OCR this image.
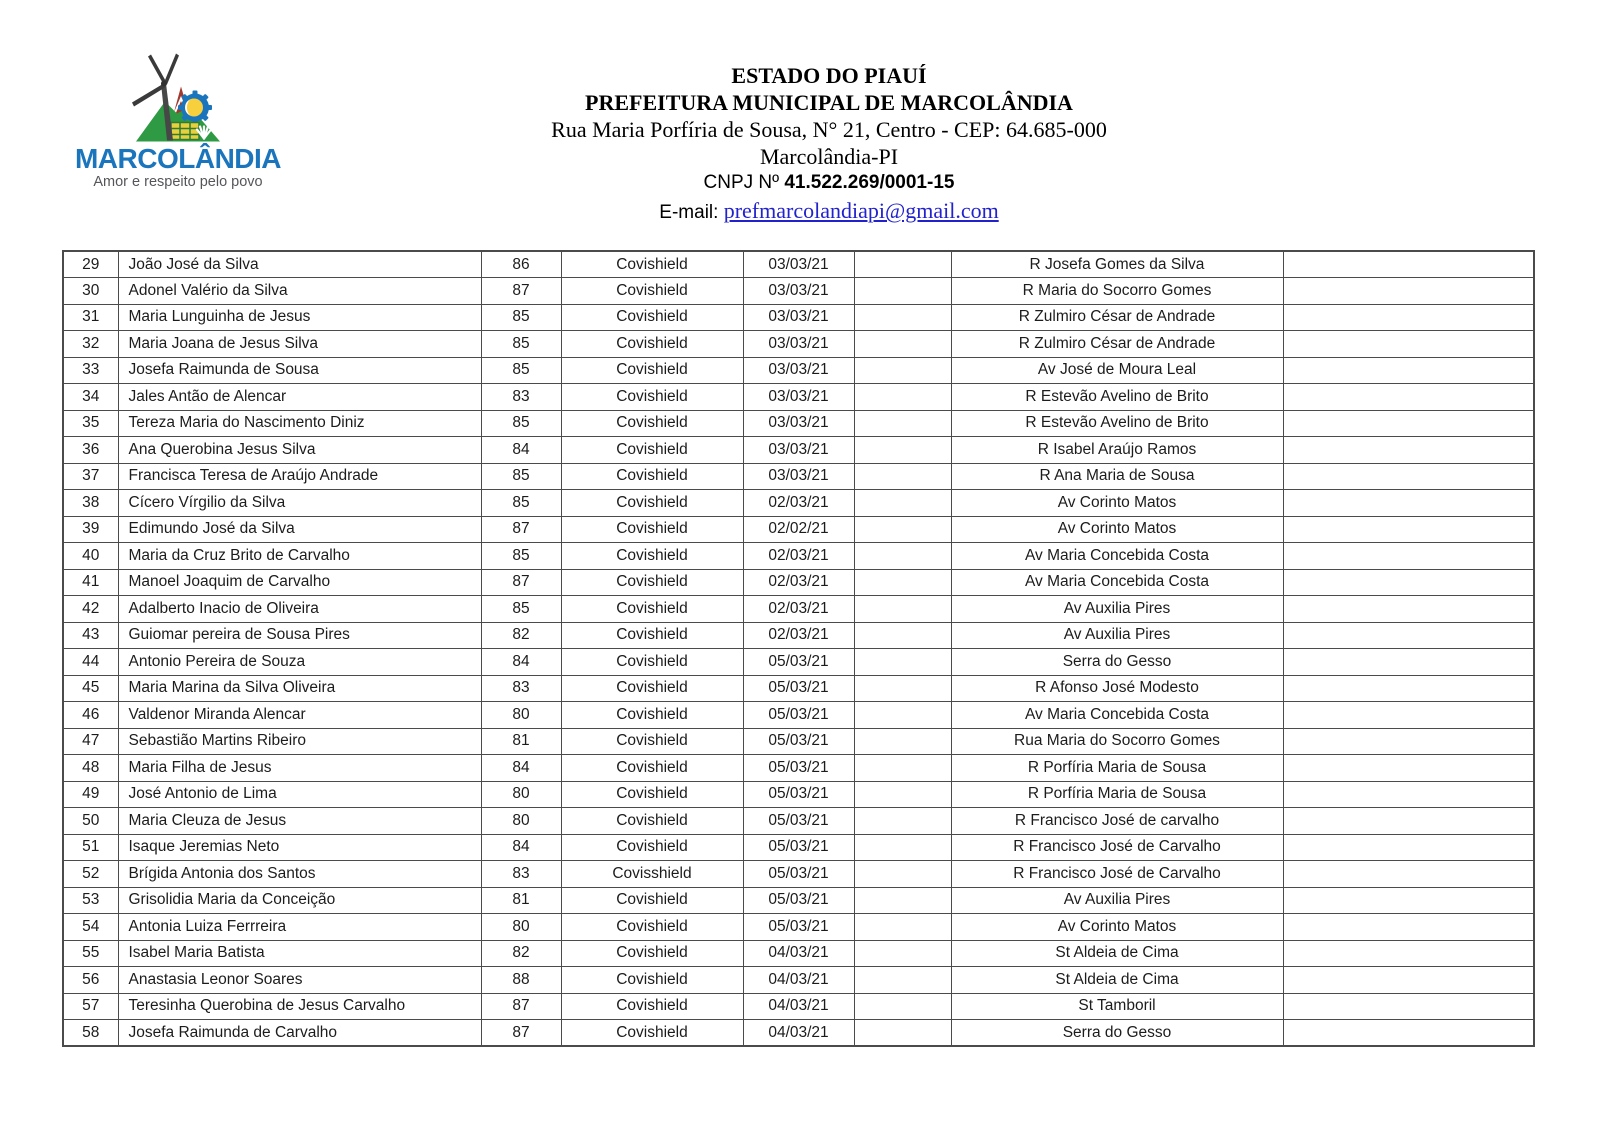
MARCOLÂNDIA
Amor e respeito pelo povo
ESTADO DO PIAUÍ
PREFEITURA MUNICIPAL DE MARCOLÂNDIA
Rua Maria Porfíria de Sousa, N° 21, Centro - CEP: 64.685-000
Marcolândia-PI
CNPJ Nº 41.522.269/0001-15
E-mail: prefmarcolandiapi@gmail.com
29	João José da Silva	86	Covishield	03/03/21		R Josefa Gomes da Silva	
30	Adonel Valério da Silva	87	Covishield	03/03/21		R Maria do Socorro Gomes	
31	Maria Lunguinha de Jesus	85	Covishield	03/03/21		R Zulmiro César de Andrade	
32	Maria Joana de Jesus Silva	85	Covishield	03/03/21		R Zulmiro César de Andrade	
33	Josefa Raimunda de Sousa	85	Covishield	03/03/21		Av José de Moura Leal	
34	Jales Antão de Alencar	83	Covishield	03/03/21		R Estevão Avelino de Brito	
35	Tereza Maria do Nascimento Diniz	85	Covishield	03/03/21		R Estevão Avelino de Brito	
36	Ana Querobina Jesus Silva	84	Covishield	03/03/21		R Isabel Araújo Ramos	
37	Francisca Teresa de Araújo Andrade	85	Covishield	03/03/21		R Ana Maria de Sousa	
38	Cícero Vírgilio da Silva	85	Covishield	02/03/21		Av Corinto Matos	
39	Edimundo José da Silva	87	Covishield	02/02/21		Av Corinto Matos	
40	Maria da Cruz Brito de Carvalho	85	Covishield	02/03/21		Av Maria Concebida Costa	
41	Manoel Joaquim de Carvalho	87	Covishield	02/03/21		Av Maria Concebida Costa	
42	Adalberto Inacio de Oliveira	85	Covishield	02/03/21		Av Auxilia Pires	
43	Guiomar pereira de Sousa Pires	82	Covishield	02/03/21		Av Auxilia Pires	
44	Antonio Pereira de Souza	84	Covishield	05/03/21		Serra do Gesso	
45	Maria Marina da Silva Oliveira	83	Covishield	05/03/21		R Afonso José Modesto	
46	Valdenor Miranda Alencar	80	Covishield	05/03/21		Av Maria Concebida Costa	
47	Sebastião Martins Ribeiro	81	Covishield	05/03/21		Rua Maria do Socorro Gomes	
48	Maria Filha de Jesus	84	Covishield	05/03/21		R Porfíria Maria de Sousa	
49	José Antonio de Lima	80	Covishield	05/03/21		R Porfíria Maria de Sousa	
50	Maria Cleuza de Jesus	80	Covishield	05/03/21		R Francisco José de carvalho	
51	Isaque Jeremias Neto	84	Covishield	05/03/21		R Francisco José de Carvalho	
52	Brígida Antonia dos Santos	83	Covisshield	05/03/21		R Francisco José de Carvalho	
53	Grisolidia Maria da Conceição	81	Covishield	05/03/21		Av Auxilia Pires	
54	Antonia Luiza Ferrreira	80	Covishield	05/03/21		Av Corinto Matos	
55	Isabel Maria Batista	82	Covishield	04/03/21		St Aldeia de Cima	
56	Anastasia Leonor Soares	88	Covishield	04/03/21		St Aldeia de Cima	
57	Teresinha Querobina de Jesus Carvalho	87	Covishield	04/03/21		St Tamboril	
58	Josefa Raimunda de Carvalho	87	Covishield	04/03/21		Serra do Gesso	
